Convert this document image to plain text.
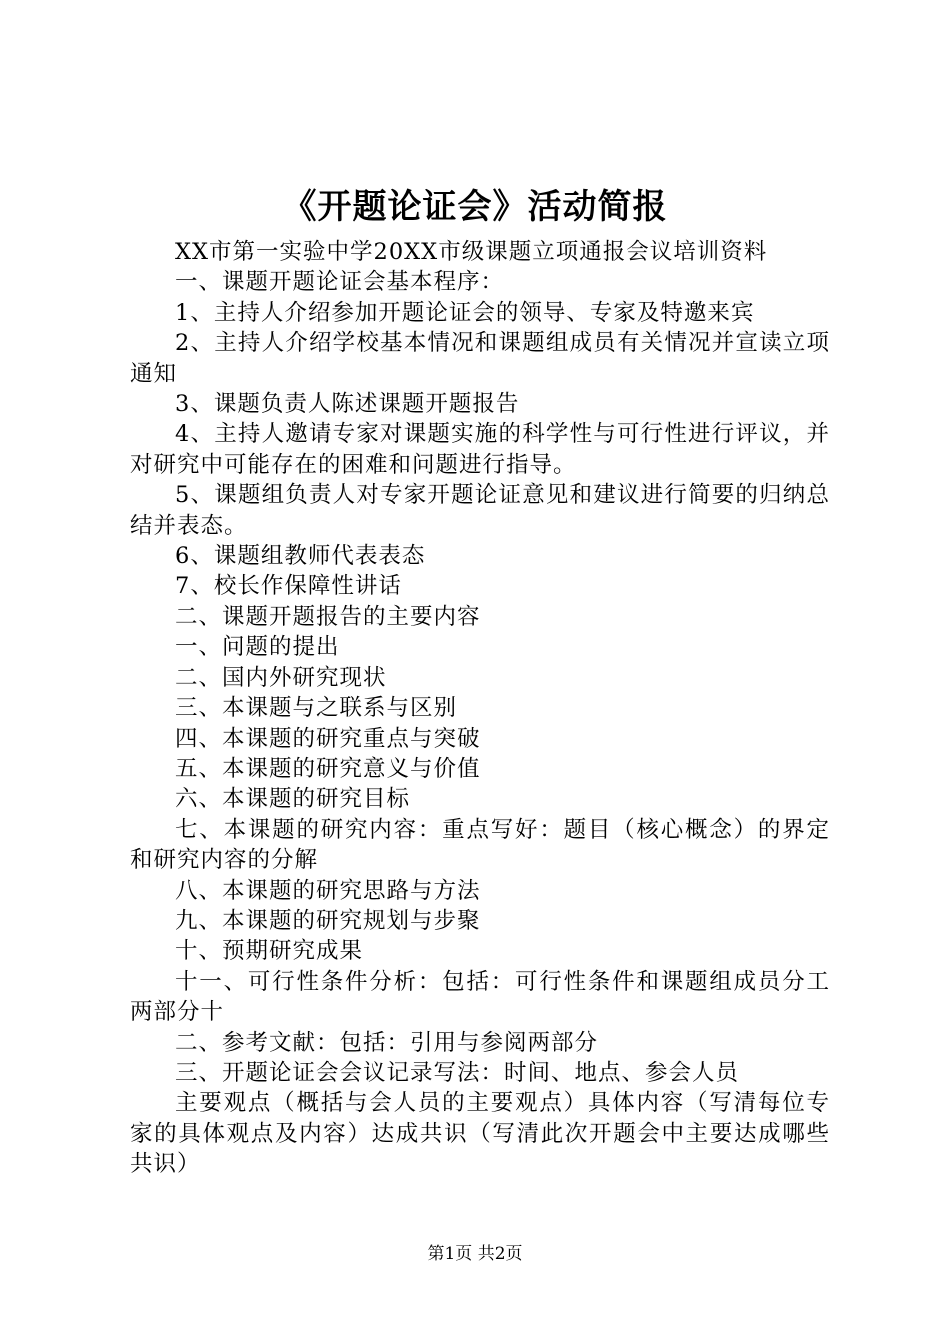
《开题论证会》活动简报

XX市第一实验中学20XX市级课题立项通报会议培训资料

一、课题开题论证会基本程序：

1、主持人介绍参加开题论证会的领导、专家及特邀来宾

2、主持人介绍学校基本情况和课题组成员有关情况并宣读立项通知

3、课题负责人陈述课题开题报告

4、主持人邀请专家对课题实施的科学性与可行性进行评议，并对研究中可能存在的困难和问题进行指导。

5、课题组负责人对专家开题论证意见和建议进行简要的归纳总结并表态。

6、课题组教师代表表态

7、校长作保障性讲话

二、课题开题报告的主要内容

一、问题的提出

二、国内外研究现状

三、本课题与之联系与区别

四、本课题的研究重点与突破

五、本课题的研究意义与价值

六、本课题的研究目标

七、本课题的研究内容：重点写好：题目（核心概念）的界定和研究内容的分解

八、本课题的研究思路与方法

九、本课题的研究规划与步聚

十、预期研究成果

十一、可行性条件分析：包括：可行性条件和课题组成员分工两部分十

二、参考文献：包括：引用与参阅两部分

三、开题论证会会议记录写法：时间、地点、参会人员

主要观点（概括与会人员的主要观点）具体内容（写清每位专家的具体观点及内容）达成共识（写清此次开题会中主要达成哪些共识）

第1页 共2页
